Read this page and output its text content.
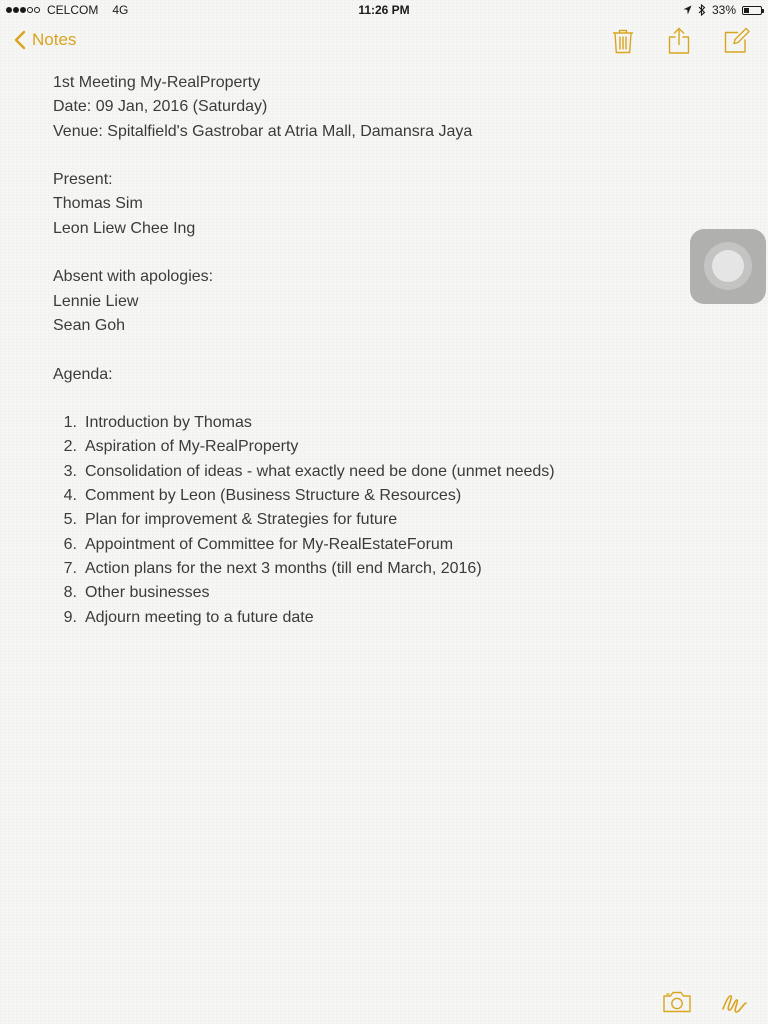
CELCOM 4G	11:26 PM	33%
Notes
1st Meeting My-RealProperty
Date: 09 Jan, 2016 (Saturday)
Venue: Spitalfield's Gastrobar at Atria Mall, Damansra Jaya
Present:
Thomas Sim
Leon Liew Chee Ing
Absent with apologies:
Lennie Liew
Sean Goh
Agenda:
1. Introduction by Thomas
2. Aspiration of My-RealProperty
3. Consolidation of ideas - what exactly need be done (unmet needs)
4. Comment by Leon (Business Structure & Resources)
5. Plan for improvement & Strategies for future
6. Appointment of Committee for My-RealEstateForum
7. Action plans for the next 3 months (till end March, 2016)
8. Other businesses
9. Adjourn meeting to a future date
